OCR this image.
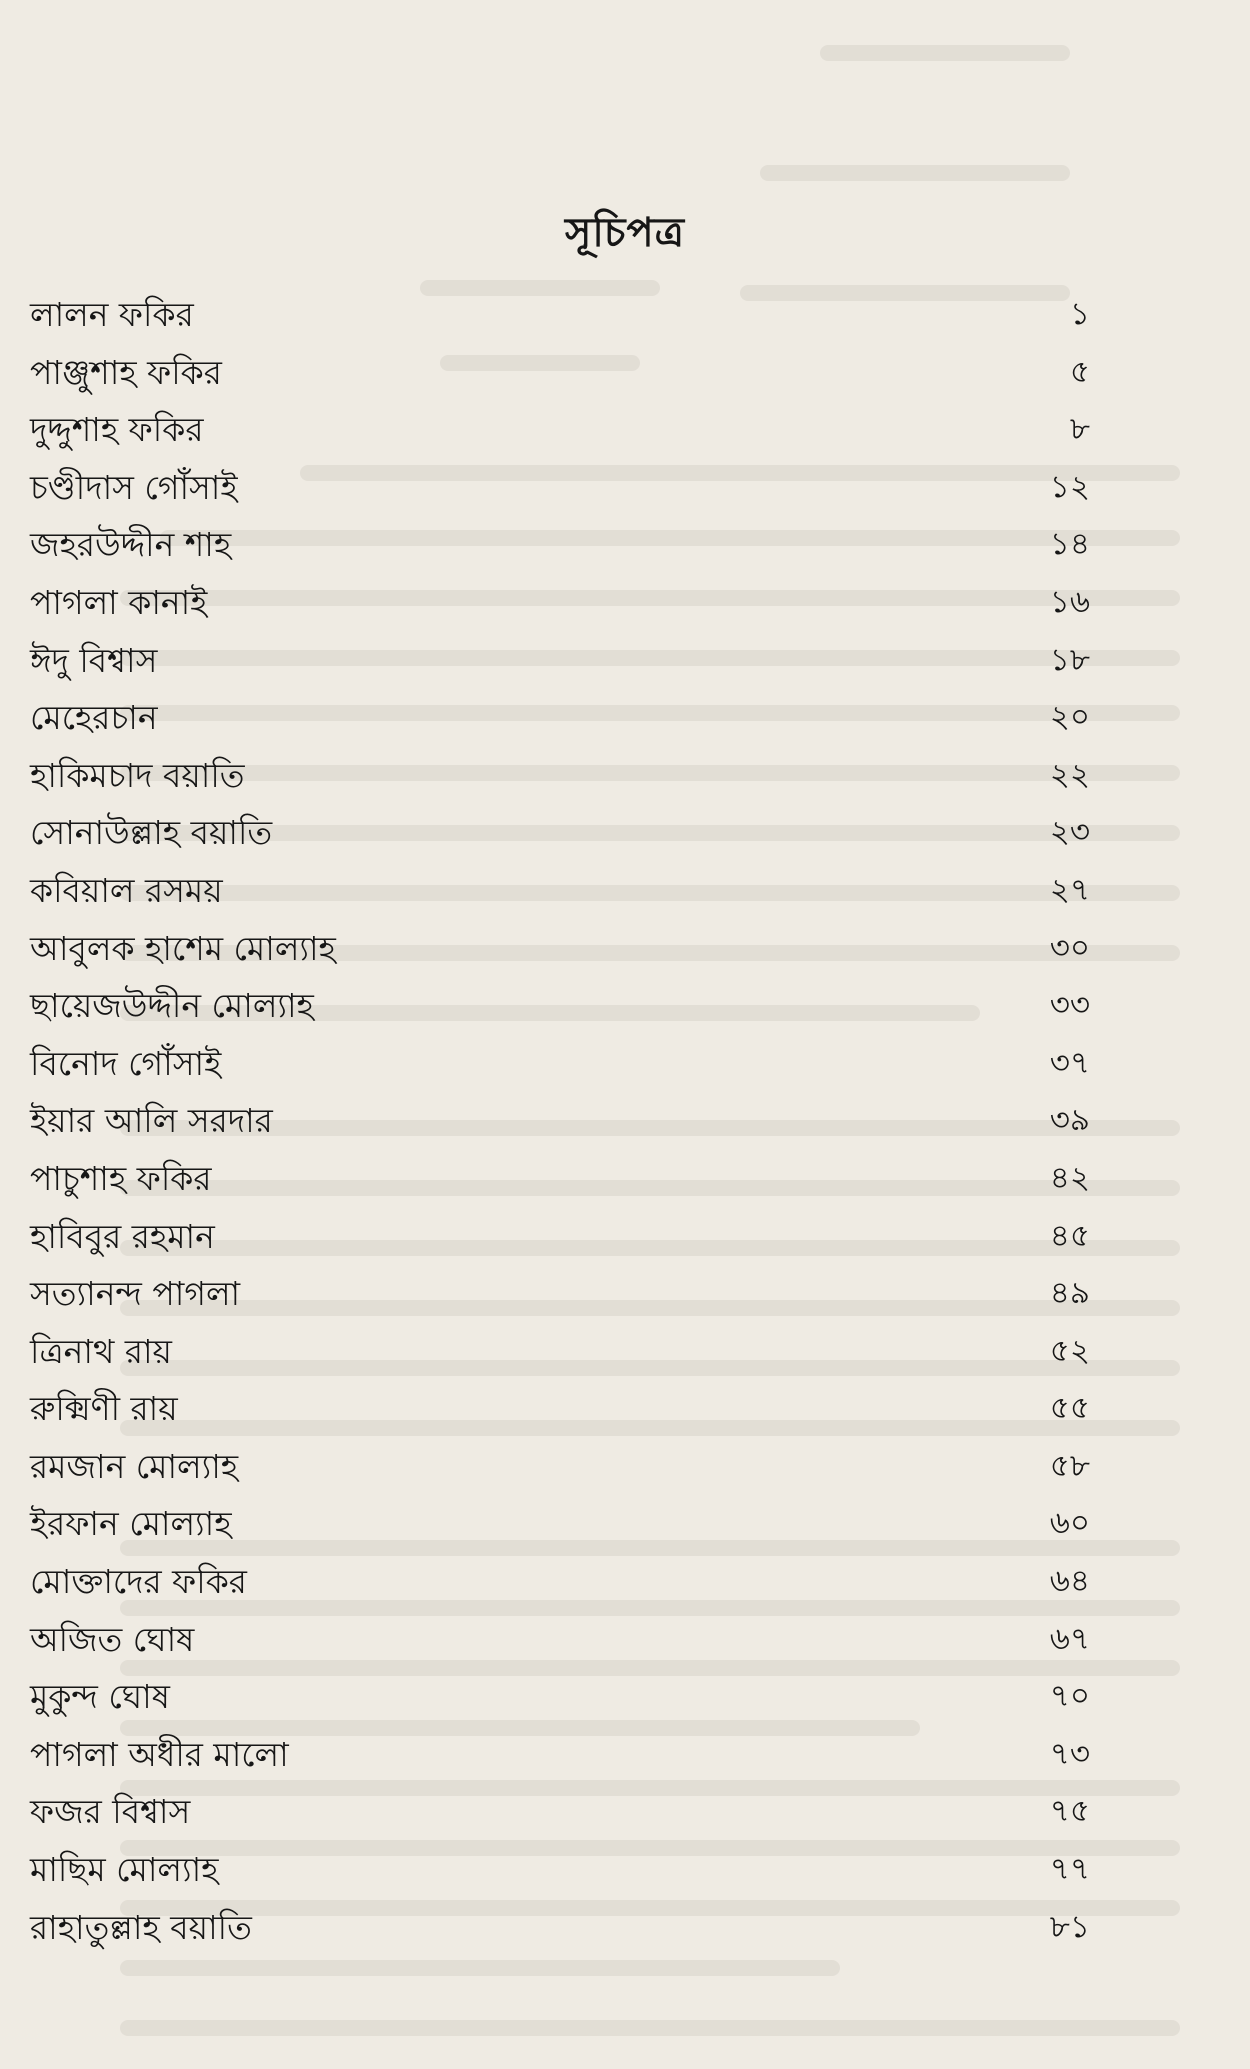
সূচিপত্র
লালন ফকির	১
পাঞ্জুশাহ ফকির	৫
দুদ্দুশাহ ফকির	৮
চণ্ডীদাস গোঁসাই	১২
জহরউদ্দীন শাহ	১৪
পাগলা কানাই	১৬
ঈদু বিশ্বাস	১৮
মেহেরচান	২০
হাকিমচাদ বয়াতি	২২
সোনাউল্লাহ বয়াতি	২৩
কবিয়াল রসময়	২৭
আবুলক হাশেম মোল্যাহ	৩০
ছায়েজউদ্দীন মোল্যাহ	৩৩
বিনোদ গোঁসাই	৩৭
ইয়ার আলি সরদার	৩৯
পাচুশাহ ফকির	৪২
হাবিবুর রহমান	৪৫
সত্যানন্দ পাগলা	৪৯
ত্রিনাথ রায়	৫২
রুক্মিণী রায়	৫৫
রমজান মোল্যাহ	৫৮
ইরফান মোল্যাহ	৬০
মোক্তাদের ফকির	৬৪
অজিত ঘোষ	৬৭
মুকুন্দ ঘোষ	৭০
পাগলা অধীর মালো	৭৩
ফজর বিশ্বাস	৭৫
মাছিম মোল্যাহ	৭৭
রাহাতুল্লাহ বয়াতি	৮১
